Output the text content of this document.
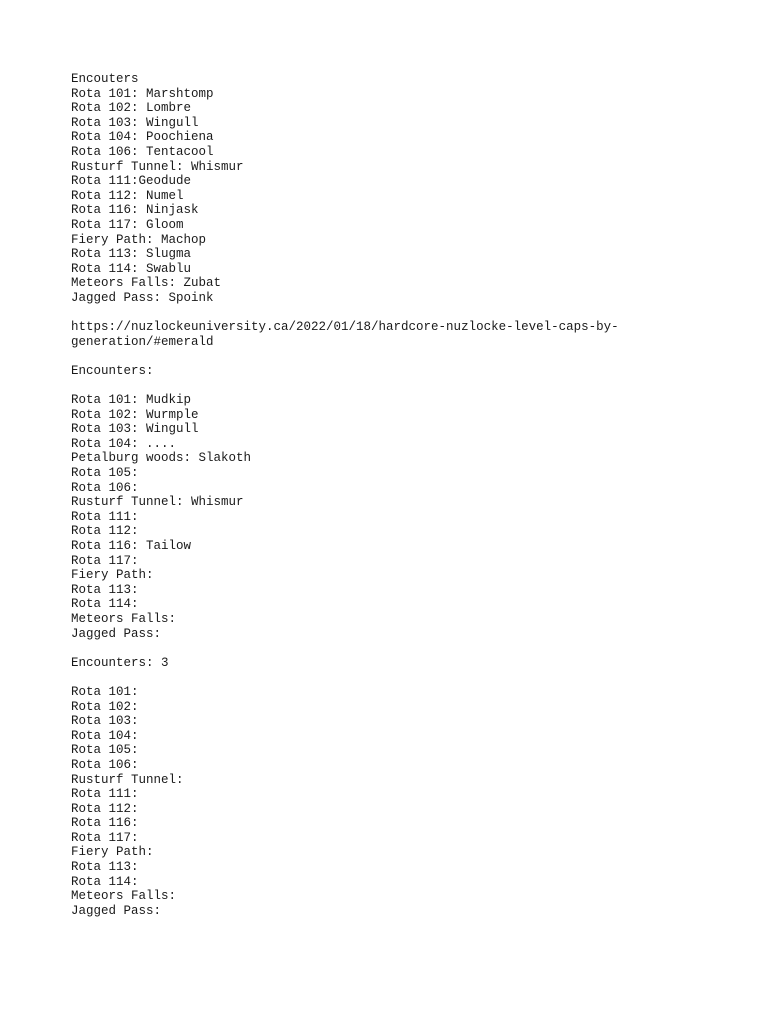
Encouters
Rota 101: Marshtomp
Rota 102: Lombre
Rota 103: Wingull
Rota 104: Poochiena
Rota 106: Tentacool
Rusturf Tunnel: Whismur
Rota 111:Geodude
Rota 112: Numel
Rota 116: Ninjask
Rota 117: Gloom
Fiery Path: Machop
Rota 113: Slugma
Rota 114: Swablu
Meteors Falls: Zubat
Jagged Pass: Spoink
https://nuzlockeuniversity.ca/2022/01/18/hardcore-nuzlocke-level-caps-by-
generation/#emerald
Encounters:
Rota 101: Mudkip
Rota 102: Wurmple
Rota 103: Wingull
Rota 104: ....
Petalburg woods: Slakoth
Rota 105:
Rota 106:
Rusturf Tunnel: Whismur
Rota 111:
Rota 112:
Rota 116: Tailow
Rota 117:
Fiery Path:
Rota 113:
Rota 114:
Meteors Falls:
Jagged Pass:
Encounters: 3
Rota 101:
Rota 102:
Rota 103:
Rota 104:
Rota 105:
Rota 106:
Rusturf Tunnel:
Rota 111:
Rota 112:
Rota 116:
Rota 117:
Fiery Path:
Rota 113:
Rota 114:
Meteors Falls:
Jagged Pass:
